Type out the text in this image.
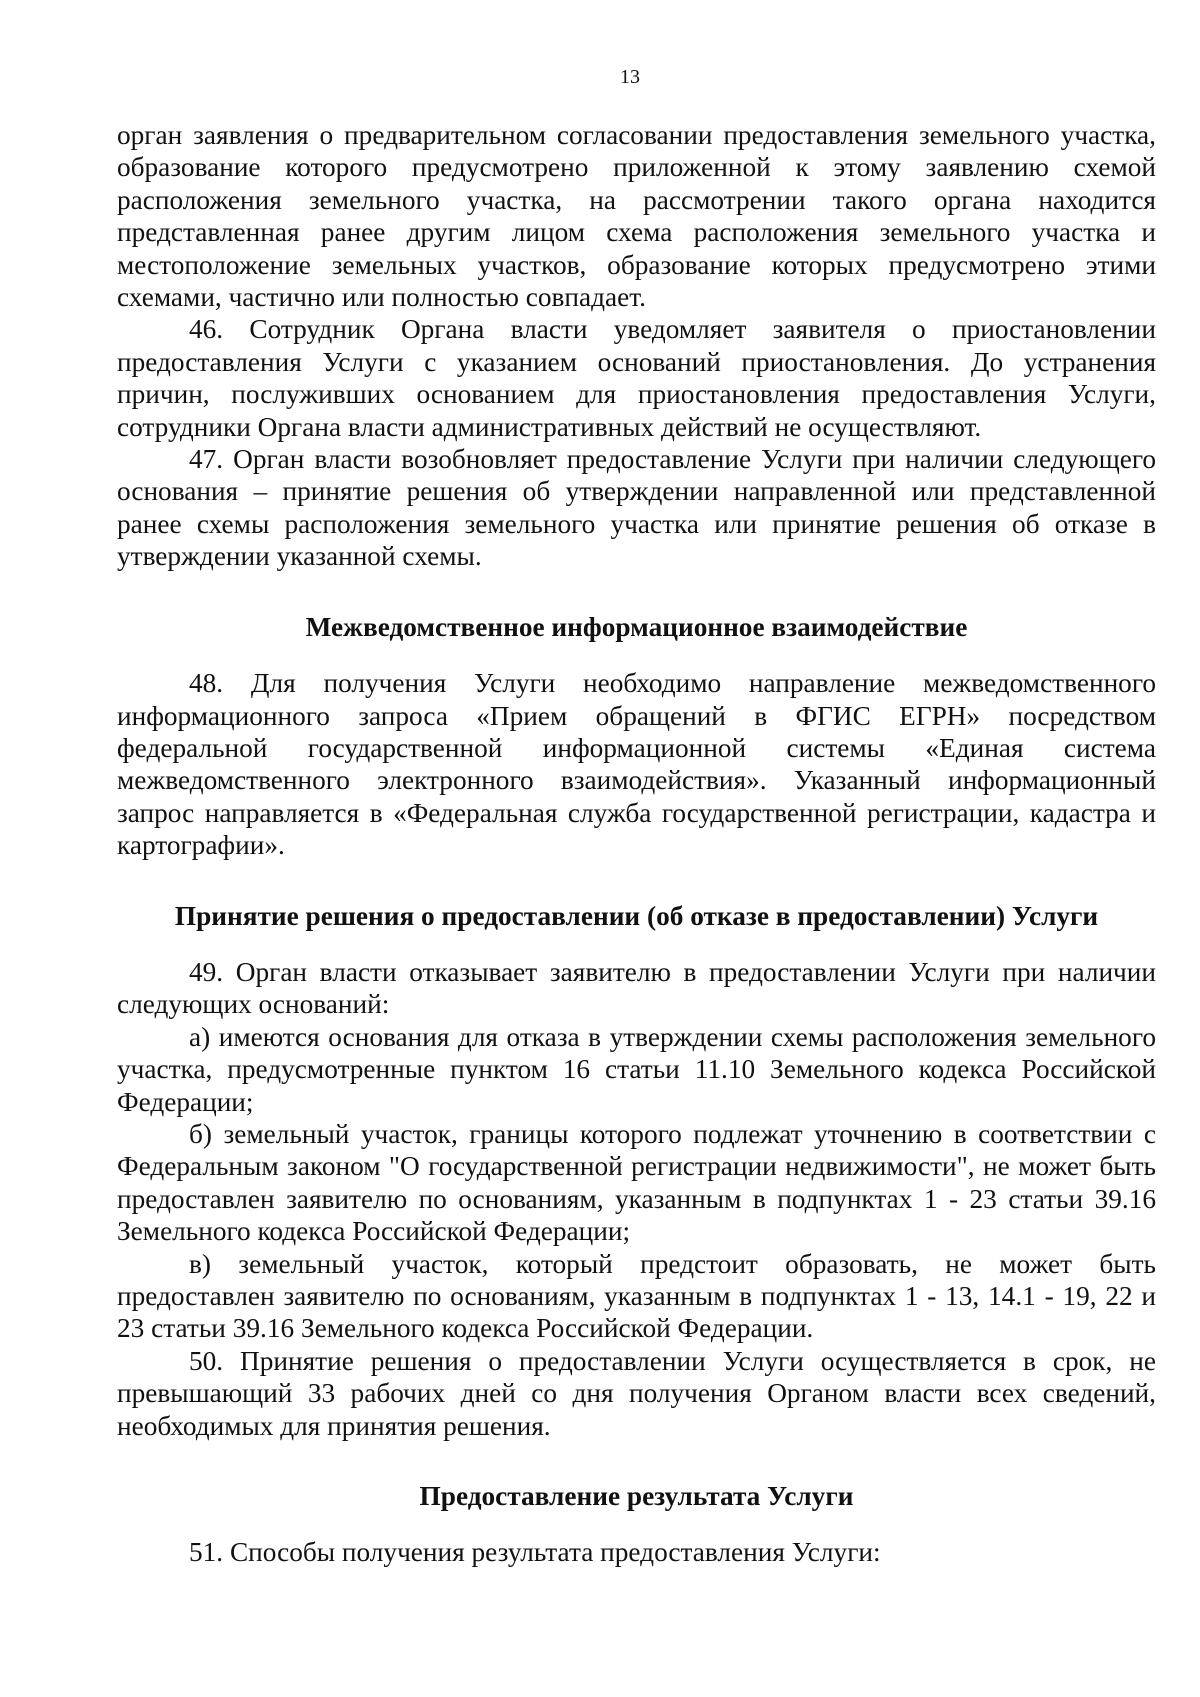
13

орган заявления о предварительном согласовании предоставления земельного участка, образование которого предусмотрено приложенной к этому заявлению схемой расположения земельного участка, на рассмотрении такого органа находится представленная ранее другим лицом схема расположения земельного участка и местоположение земельных участков, образование которых предусмотрено этими схемами, частично или полностью совпадает.

46. Сотрудник Органа власти уведомляет заявителя о приостановлении предоставления Услуги с указанием оснований приостановления. До устранения причин, послуживших основанием для приостановления предоставления Услуги, сотрудники Органа власти административных действий не осуществляют.

47. Орган власти возобновляет предоставление Услуги при наличии следующего основания – принятие решения об утверждении направленной или представленной ранее схемы расположения земельного участка или принятие решения об отказе в утверждении указанной схемы.

Межведомственное информационное взаимодействие

48. Для получения Услуги необходимо направление межведомственного информационного запроса «Прием обращений в ФГИС ЕГРН» посредством федеральной государственной информационной системы «Единая система межведомственного электронного взаимодействия». Указанный информационный запрос направляется в «Федеральная служба государственной регистрации, кадастра и картографии».

Принятие решения о предоставлении (об отказе в предоставлении) Услуги

49. Орган власти отказывает заявителю в предоставлении Услуги при наличии следующих оснований:

а) имеются основания для отказа в утверждении схемы расположения земельного участка, предусмотренные пунктом 16 статьи 11.10 Земельного кодекса Российской Федерации;

б) земельный участок, границы которого подлежат уточнению в соответствии с Федеральным законом "О государственной регистрации недвижимости", не может быть предоставлен заявителю по основаниям, указанным в подпунктах 1 - 23 статьи 39.16 Земельного кодекса Российской Федерации;

в) земельный участок, который предстоит образовать, не может быть предоставлен заявителю по основаниям, указанным в подпунктах 1 - 13, 14.1 - 19, 22 и 23 статьи 39.16 Земельного кодекса Российской Федерации.

50. Принятие решения о предоставлении Услуги осуществляется в срок, не превышающий 33 рабочих дней со дня получения Органом власти всех сведений, необходимых для принятия решения.

Предоставление результата Услуги

51. Способы получения результата предоставления Услуги:
